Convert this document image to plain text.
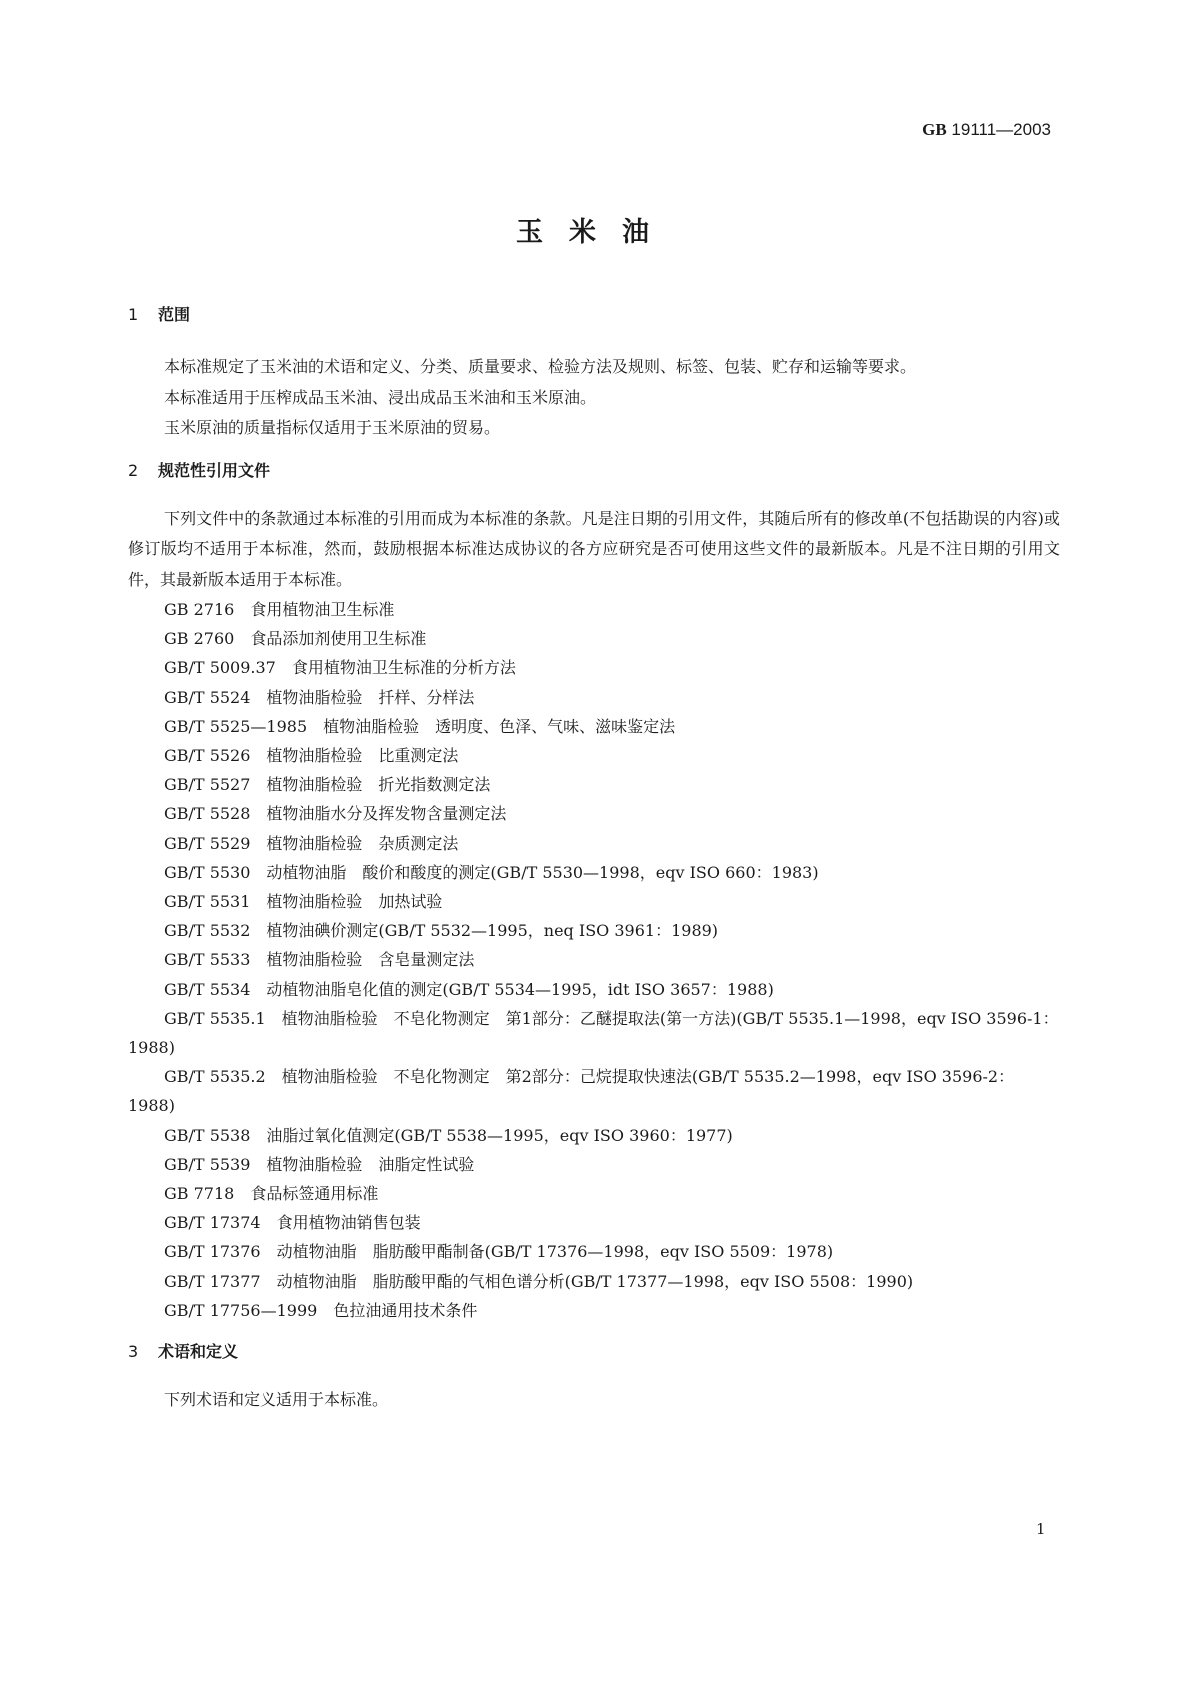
GB 19111—2003
玉米油
1 范围

本标准规定了玉米油的术语和定义、分类、质量要求、检验方法及规则、标签、包装、贮存和运输等要求。

本标准适用于压榨成品玉米油、浸出成品玉米油和玉米原油。

玉米原油的质量指标仅适用于玉米原油的贸易。

2 规范性引用文件

下列文件中的条款通过本标准的引用而成为本标准的条款。凡是注日期的引用文件，其随后所有的修改单(不包括勘误的内容)或修订版均不适用于本标准，然而，鼓励根据本标准达成协议的各方应研究是否可使用这些文件的最新版本。凡是不注日期的引用文件，其最新版本适用于本标准。

GB 2716 食用植物油卫生标准

GB 2760 食品添加剂使用卫生标准

GB/T 5009.37 食用植物油卫生标准的分析方法

GB/T 5524 植物油脂检验　扦样、分样法

GB/T 5525—1985 植物油脂检验　透明度、色泽、气味、滋味鉴定法

GB/T 5526 植物油脂检验　比重测定法

GB/T 5527 植物油脂检验　折光指数测定法

GB/T 5528 植物油脂水分及挥发物含量测定法

GB/T 5529 植物油脂检验　杂质测定法

GB/T 5530 动植物油脂　酸价和酸度的测定(GB/T 5530—1998，eqv ISO 660：1983)

GB/T 5531 植物油脂检验　加热试验

GB/T 5532 植物油碘价测定(GB/T 5532—1995，neq ISO 3961：1989)

GB/T 5533 植物油脂检验　含皂量测定法

GB/T 5534 动植物油脂皂化值的测定(GB/T 5534—1995，idt ISO 3657：1988)

GB/T 5535.1 植物油脂检验　不皂化物测定　第1部分：乙醚提取法(第一方法)(GB/T 5535.1—1998，eqv ISO 3596-1：1988)

GB/T 5535.2 植物油脂检验　不皂化物测定　第2部分：己烷提取快速法(GB/T 5535.2—1998，eqv ISO 3596-2：1988)

GB/T 5538 油脂过氧化值测定(GB/T 5538—1995，eqv ISO 3960：1977)

GB/T 5539 植物油脂检验　油脂定性试验

GB 7718 食品标签通用标准

GB/T 17374 食用植物油销售包装

GB/T 17376 动植物油脂　脂肪酸甲酯制备(GB/T 17376—1998，eqv ISO 5509：1978)

GB/T 17377 动植物油脂　脂肪酸甲酯的气相色谱分析(GB/T 17377—1998，eqv ISO 5508：1990)

GB/T 17756—1999 色拉油通用技术条件

3 术语和定义

下列术语和定义适用于本标准。

1
